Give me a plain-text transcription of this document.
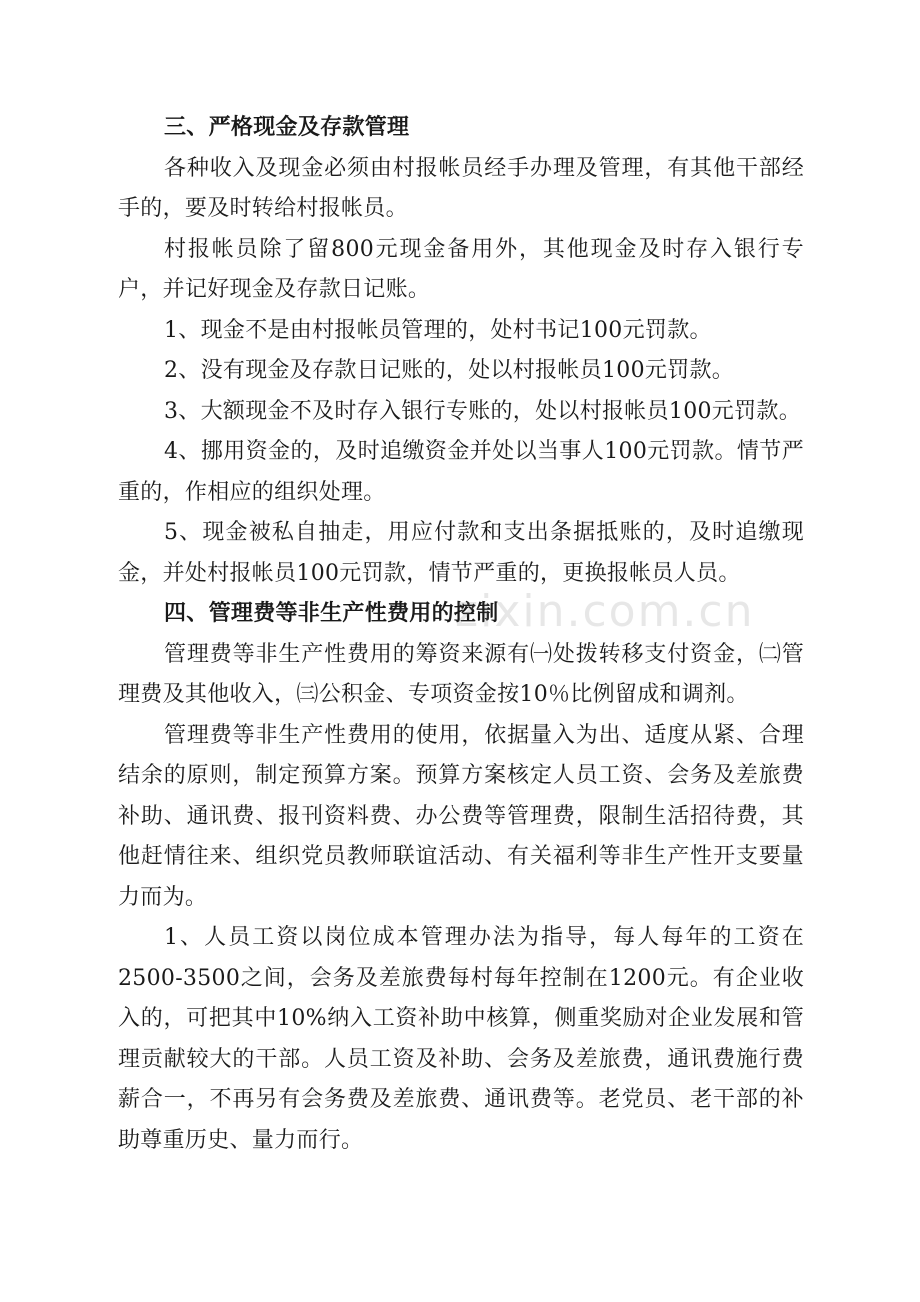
三、严格现金及存款管理

各种收入及现金必须由村报帐员经手办理及管理，有其他干部经手的，要及时转给村报帐员。

村报帐员除了留800元现金备用外，其他现金及时存入银行专户，并记好现金及存款日记账。

1、现金不是由村报帐员管理的，处村书记100元罚款。

2、没有现金及存款日记账的，处以村报帐员100元罚款。

3、大额现金不及时存入银行专账的，处以村报帐员100元罚款。

4、挪用资金的，及时追缴资金并处以当事人100元罚款。情节严重的，作相应的组织处理。

5、现金被私自抽走，用应付款和支出条据抵账的，及时追缴现金，并处村报帐员100元罚款，情节严重的，更换报帐员人员。

四、管理费等非生产性费用的控制

管理费等非生产性费用的筹资来源有㈠处拨转移支付资金，㈡管理费及其他收入，㈢公积金、专项资金按10％比例留成和调剂。

管理费等非生产性费用的使用，依据量入为出、适度从紧、合理结余的原则，制定预算方案。预算方案核定人员工资、会务及差旅费补助、通讯费、报刊资料费、办公费等管理费，限制生活招待费，其他赶情往来、组织党员教师联谊活动、有关福利等非生产性开支要量力而为。

1、人员工资以岗位成本管理办法为指导，每人每年的工资在2500-3500之间，会务及差旅费每村每年控制在1200元。有企业收入的，可把其中10%纳入工资补助中核算，侧重奖励对企业发展和管理贡献较大的干部。人员工资及补助、会务及差旅费，通讯费施行费薪合一，不再另有会务费及差旅费、通讯费等。老党员、老干部的补助尊重历史、量力而行。

zixin.com.cn
